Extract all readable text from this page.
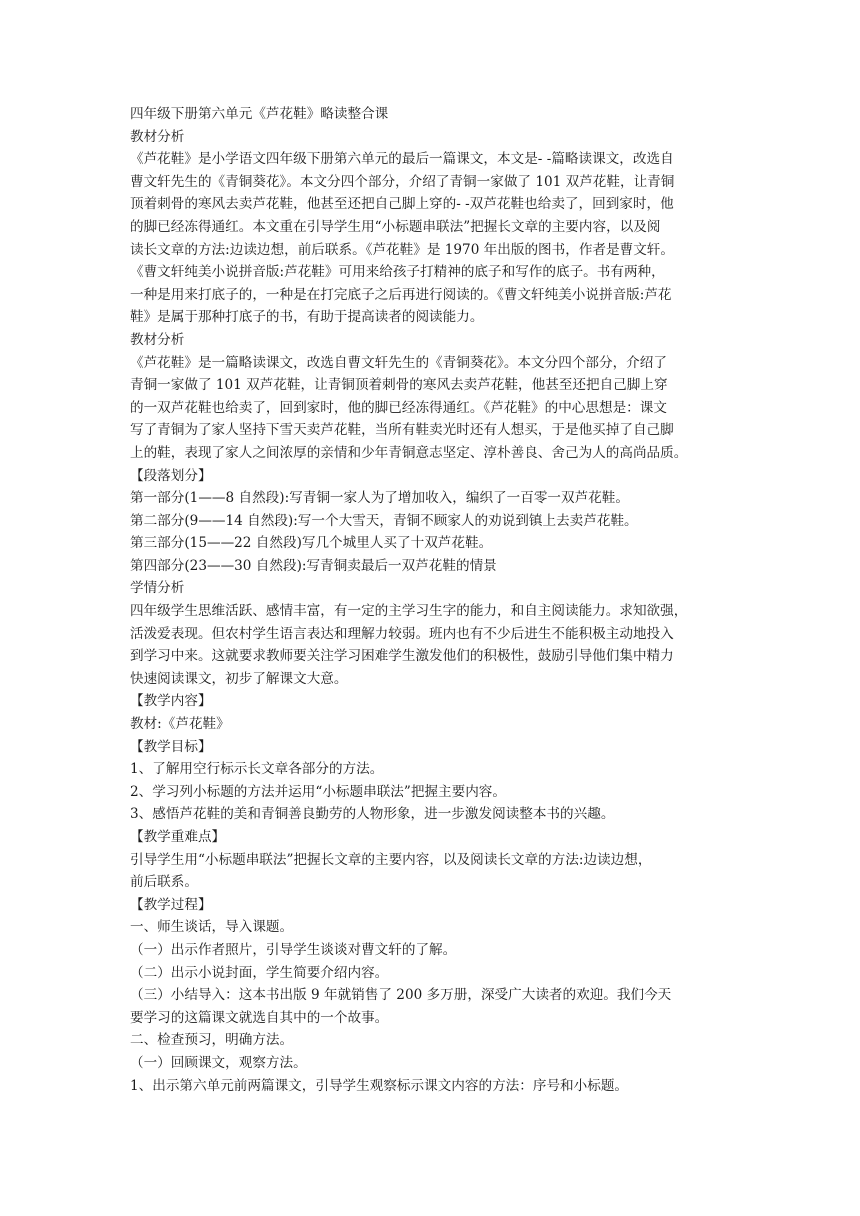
四年级下册第六单元《芦花鞋》略读整合课
教材分析
《芦花鞋》是小学语文四年级下册第六单元的最后一篇课文，本文是- -篇略读课文，改选自
曹文轩先生的《青铜葵花》。本文分四个部分，介绍了青铜一家做了 101 双芦花鞋，让青铜
顶着刺骨的寒风去卖芦花鞋，他甚至还把自己脚上穿的- -双芦花鞋也给卖了，回到家时，他
的脚已经冻得通红。本文重在引导学生用“小标题串联法”把握长文章的主要内容，以及阅
读长文章的方法:边读边想，前后联系。《芦花鞋》是 1970 年出版的图书，作者是曹文轩。
《曹文轩纯美小说拼音版:芦花鞋》可用来给孩子打精神的底子和写作的底子。书有两种，
一种是用来打底子的，一种是在打完底子之后再进行阅读的。《曹文轩纯美小说拼音版:芦花
鞋》是属于那种打底子的书，有助于提高读者的阅读能力。
教材分析
《芦花鞋》是一篇略读课文，改选自曹文轩先生的《青铜葵花》。本文分四个部分，介绍了
青铜一家做了 101 双芦花鞋，让青铜顶着刺骨的寒风去卖芦花鞋，他甚至还把自己脚上穿
的一双芦花鞋也给卖了，回到家时，他的脚已经冻得通红。《芦花鞋》的中心思想是：课文
写了青铜为了家人坚持下雪天卖芦花鞋，当所有鞋卖光时还有人想买，于是他买掉了自己脚
上的鞋，表现了家人之间浓厚的亲情和少年青铜意志坚定、淳朴善良、舍己为人的高尚品质。
【段落划分】
第一部分(1——8 自然段):写青铜一家人为了增加收入，编织了一百零一双芦花鞋。
第二部分(9——14 自然段):写一个大雪天，青铜不顾家人的劝说到镇上去卖芦花鞋。
第三部分(15——22 自然段)写几个城里人买了十双芦花鞋。
第四部分(23——30 自然段):写青铜卖最后一双芦花鞋的情景
学情分析
四年级学生思维活跃、感情丰富，有一定的主学习生字的能力，和自主阅读能力。求知欲强，
活泼爱表现。但农村学生语言表达和理解力较弱。班内也有不少后进生不能积极主动地投入
到学习中来。这就要求教师要关注学习困难学生激发他们的积极性，鼓励引导他们集中精力
快速阅读课文，初步了解课文大意。
【教学内容】
教材:《芦花鞋》
【教学目标】
1、了解用空行标示长文章各部分的方法。
2、学习列小标题的方法并运用“小标题串联法”把握主要内容。
3、感悟芦花鞋的美和青铜善良勤劳的人物形象，进一步激发阅读整本书的兴趣。
【教学重难点】
引导学生用“小标题串联法”把握长文章的主要内容，以及阅读长文章的方法:边读边想，
前后联系。
【教学过程】
一、师生谈话，导入课题。
（一）出示作者照片，引导学生谈谈对曹文轩的了解。
（二）出示小说封面，学生简要介绍内容。
（三）小结导入：这本书出版 9 年就销售了 200 多万册，深受广大读者的欢迎。我们今天
要学习的这篇课文就选自其中的一个故事。
二、检查预习，明确方法。
（一）回顾课文，观察方法。
1、出示第六单元前两篇课文，引导学生观察标示课文内容的方法：序号和小标题。
